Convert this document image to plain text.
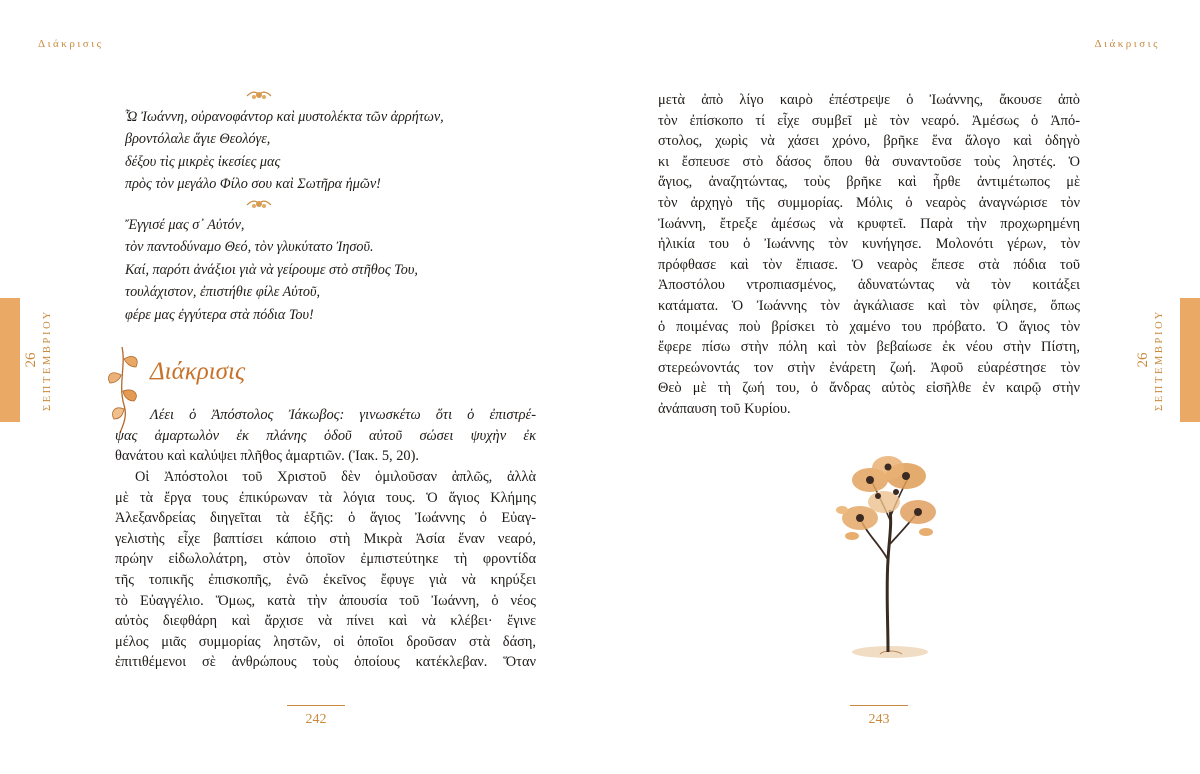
Διάκρισις
26 ΣΕΠΤΕΜΒΡΙΟΥ
Ὦ Ἰωάννη, οὐρανοφάντορ καὶ μυστολέκτα τῶν ἀρρήτων,
βροντόλαλε ἅγιε Θεολόγε,
δέξου τὶς μικρὲς ἱκεσίες μας
πρὸς τὸν μεγάλο Φίλο σου καὶ Σωτῆρα ἡμῶν!
Ἔγγισέ μας σ᾽ Αὐτόν,
τὸν παντοδύναμο Θεό, τὸν γλυκύτατο Ἰησοῦ.
Καί, παρότι ἀνάξιοι γιὰ νὰ γείρουμε στὸ στῆθος Του,
τουλάχιστον, ἐπιστήθιε φίλε Αὐτοῦ,
φέρε μας ἐγγύτερα στὰ πόδια Του!
Διάκρισις
Λέει ὁ Ἀπόστολος Ἰάκωβος: γινωσκέτω ὅτι ὁ ἐπιστρέ-
ψας ἁμαρτωλὸν ἐκ πλάνης ὁδοῦ αὐτοῦ σώσει ψυχὴν ἐκ
θανάτου καὶ καλύψει πλῆθος ἁμαρτιῶν. (Ἰακ. 5, 20).
Οἱ Ἀπόστολοι τοῦ Χριστοῦ δὲν ὁμιλοῦσαν ἁπλῶς, ἀλλὰ
μὲ τὰ ἔργα τους ἐπικύρωναν τὰ λόγια τους. Ὁ ἅγιος Κλήμης
Ἀλεξανδρείας διηγεῖται τὰ ἑξῆς: ὁ ἅγιος Ἰωάννης ὁ Εὐαγ-
γελιστὴς εἶχε βαπτίσει κάποιο στὴ Μικρὰ Ἀσία ἕναν νεαρό,
πρώην εἰδωλολάτρη, στὸν ὁποῖον ἐμπιστεύτηκε τὴ φροντίδα
τῆς τοπικῆς ἐπισκοπῆς, ἐνῶ ἐκεῖνος ἔφυγε γιὰ νὰ κηρύξει
τὸ Εὐαγγέλιο. Ὅμως, κατὰ τὴν ἀπουσία τοῦ Ἰωάννη, ὁ νέος
αὐτὸς διεφθάρη καὶ ἄρχισε νὰ πίνει καὶ νὰ κλέβει· ἔγινε
μέλος μιᾶς συμμορίας ληστῶν, οἱ ὁποῖοι δροῦσαν στὰ δάση,
ἐπιτιθέμενοι σὲ ἀνθρώπους τοὺς ὁποίους κατέκλεβαν. Ὅταν
242
Διάκρισις
26 ΣΕΠΤΕΜΒΡΙΟΥ
μετὰ ἀπὸ λίγο καιρὸ ἐπέστρεψε ὁ Ἰωάννης, ἄκουσε ἀπὸ
τὸν ἐπίσκοπο τί εἶχε συμβεῖ μὲ τὸν νεαρό. Ἀμέσως ὁ Ἀπό-
στολος, χωρὶς νὰ χάσει χρόνο, βρῆκε ἕνα ἄλογο καὶ ὁδηγὸ
κι ἔσπευσε στὸ δάσος ὅπου θὰ συναντοῦσε τοὺς ληστές. Ὁ
ἅγιος, ἀναζητώντας, τοὺς βρῆκε καὶ ἦρθε ἀντιμέτωπος μὲ
τὸν ἀρχηγὸ τῆς συμμορίας. Μόλις ὁ νεαρὸς ἀναγνώρισε τὸν
Ἰωάννη, ἔτρεξε ἀμέσως νὰ κρυφτεῖ. Παρὰ τὴν προχωρημένη
ἡλικία του ὁ Ἰωάννης τὸν κυνήγησε. Μολονότι γέρων, τὸν
πρόφθασε καὶ τὸν ἔπιασε. Ὁ νεαρὸς ἔπεσε στὰ πόδια τοῦ
Ἀποστόλου ντροπιασμένος, ἀδυνατώντας νὰ τὸν κοιτάξει
κατάματα. Ὁ Ἰωάννης τὸν ἀγκάλιασε καὶ τὸν φίλησε, ὅπως
ὁ ποιμένας ποὺ βρίσκει τὸ χαμένο του πρόβατο. Ὁ ἅγιος τὸν
ἔφερε πίσω στὴν πόλη καὶ τὸν βεβαίωσε ἐκ νέου στὴν Πίστη,
στερεώνοντάς τον στὴν ἐνάρετη ζωή. Ἀφοῦ εὐαρέστησε τὸν
Θεὸ μὲ τὴ ζωή του, ὁ ἄνδρας αὐτὸς εἰσῆλθε ἐν καιρῷ στὴν
ἀνάπαυση τοῦ Κυρίου.
243
